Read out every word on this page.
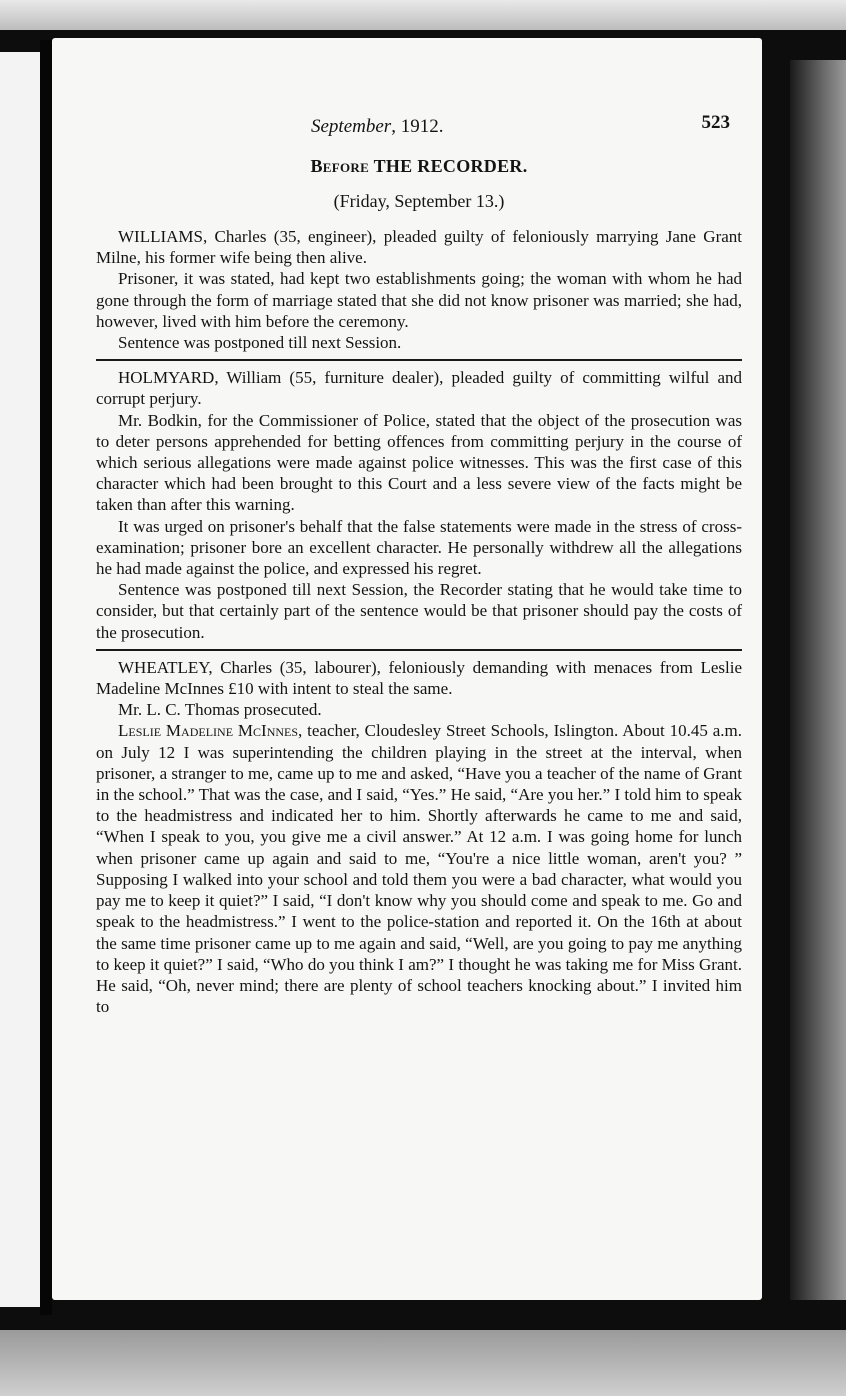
September, 1912.	523
Before THE RECORDER.
(Friday, September 13.)

WILLIAMS, Charles (35, engineer), pleaded guilty of feloniously marrying Jane Grant Milne, his former wife being then alive.

Prisoner, it was stated, had kept two establishments going; the woman with whom he had gone through the form of marriage stated that she did not know prisoner was married; she had, however, lived with him before the ceremony.

Sentence was postponed till next Session.

HOLMYARD, William (55, furniture dealer), pleaded guilty of committing wilful and corrupt perjury.

Mr. Bodkin, for the Commissioner of Police, stated that the object of the prosecution was to deter persons apprehended for betting offences from committing perjury in the course of which serious allegations were made against police witnesses. This was the first case of this character which had been brought to this Court and a less severe view of the facts might be taken than after this warning.

It was urged on prisoner's behalf that the false statements were made in the stress of cross-examination; prisoner bore an excellent character. He personally withdrew all the allegations he had made against the police, and expressed his regret.

Sentence was postponed till next Session, the Recorder stating that he would take time to consider, but that certainly part of the sentence would be that prisoner should pay the costs of the prosecution.

WHEATLEY, Charles (35, labourer), feloniously demanding with menaces from Leslie Madeline McInnes £10 with intent to steal the same.

Mr. L. C. Thomas prosecuted.

Leslie Madeline McInnes, teacher, Cloudesley Street Schools, Islington. About 10.45 a.m. on July 12 I was superintending the children playing in the street at the interval, when prisoner, a stranger to me, came up to me and asked, “Have you a teacher of the name of Grant in the school.” That was the case, and I said, “Yes.” He said, “Are you her.” I told him to speak to the headmistress and indicated her to him. Shortly afterwards he came to me and said, “When I speak to you, you give me a civil answer.” At 12 a.m. I was going home for lunch when prisoner came up again and said to me, “You're a nice little woman, aren't you? ” Supposing I walked into your school and told them you were a bad character, what would you pay me to keep it quiet?” I said, “I don't know why you should come and speak to me. Go and speak to the headmistress.” I went to the police-station and reported it. On the 16th at about the same time prisoner came up to me again and said, “Well, are you going to pay me anything to keep it quiet?” I said, “Who do you think I am?” I thought he was taking me for Miss Grant. He said, “Oh, never mind; there are plenty of school teachers knocking about.” I invited him to
